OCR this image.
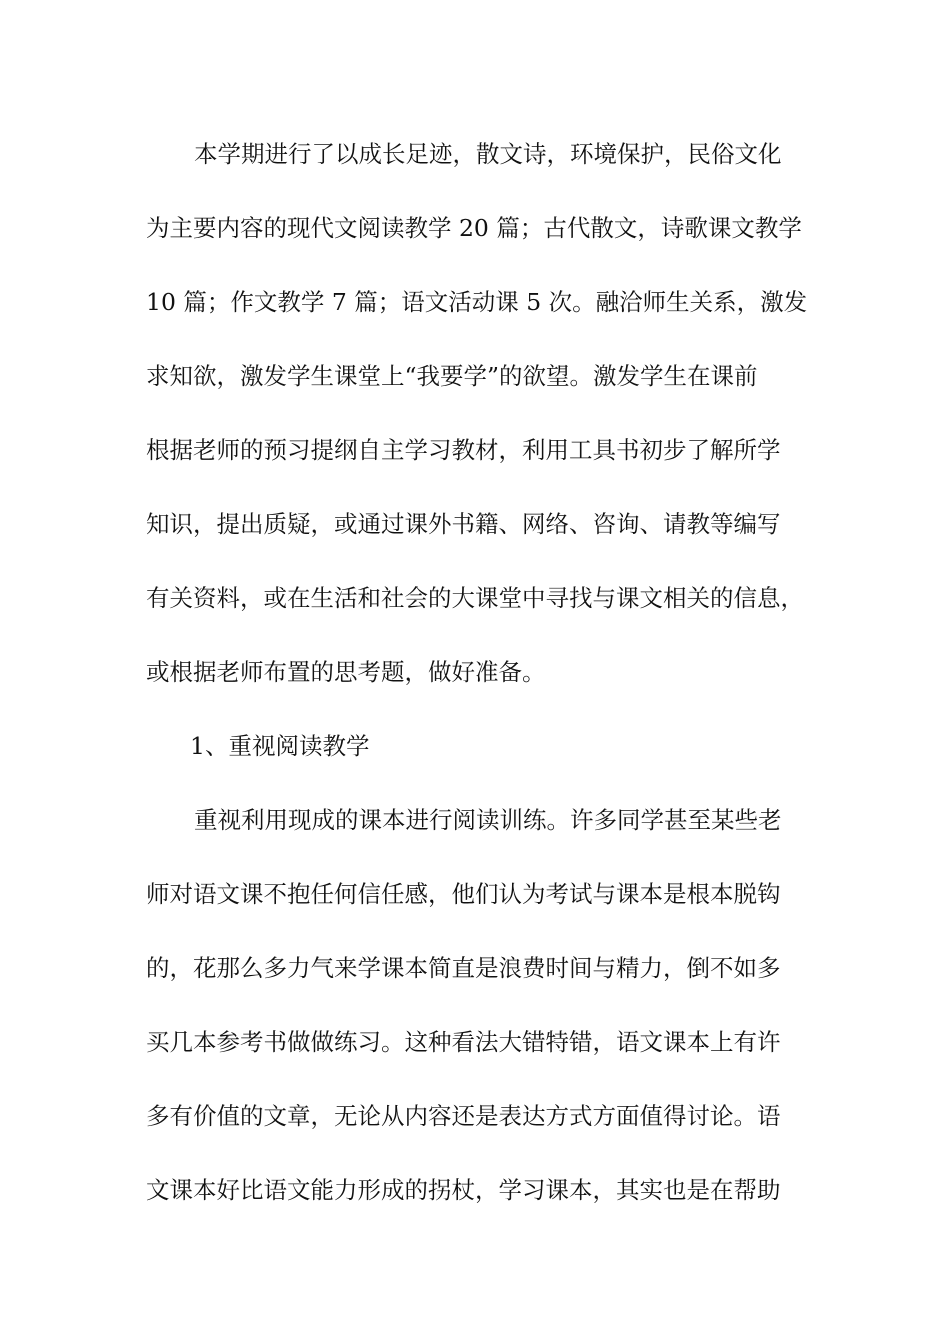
本学期进行了以成长足迹，散文诗，环境保护，民俗文化
为主要内容的现代文阅读教学 20 篇；古代散文，诗歌课文教学
10 篇；作文教学 7 篇；语文活动课 5 次。融洽师生关系，激发
求知欲，激发学生课堂上“我要学”的欲望。激发学生在课前
根据老师的预习提纲自主学习教材，利用工具书初步了解所学
知识，提出质疑，或通过课外书籍、网络、咨询、请教等编写
有关资料，或在生活和社会的大课堂中寻找与课文相关的信息，
或根据老师布置的思考题，做好准备。
1、重视阅读教学
重视利用现成的课本进行阅读训练。许多同学甚至某些老
师对语文课不抱任何信任感，他们认为考试与课本是根本脱钩
的，花那么多力气来学课本简直是浪费时间与精力，倒不如多
买几本参考书做做练习。这种看法大错特错，语文课本上有许
多有价值的文章，无论从内容还是表达方式方面值得讨论。语
文课本好比语文能力形成的拐杖，学习课本，其实也是在帮助
